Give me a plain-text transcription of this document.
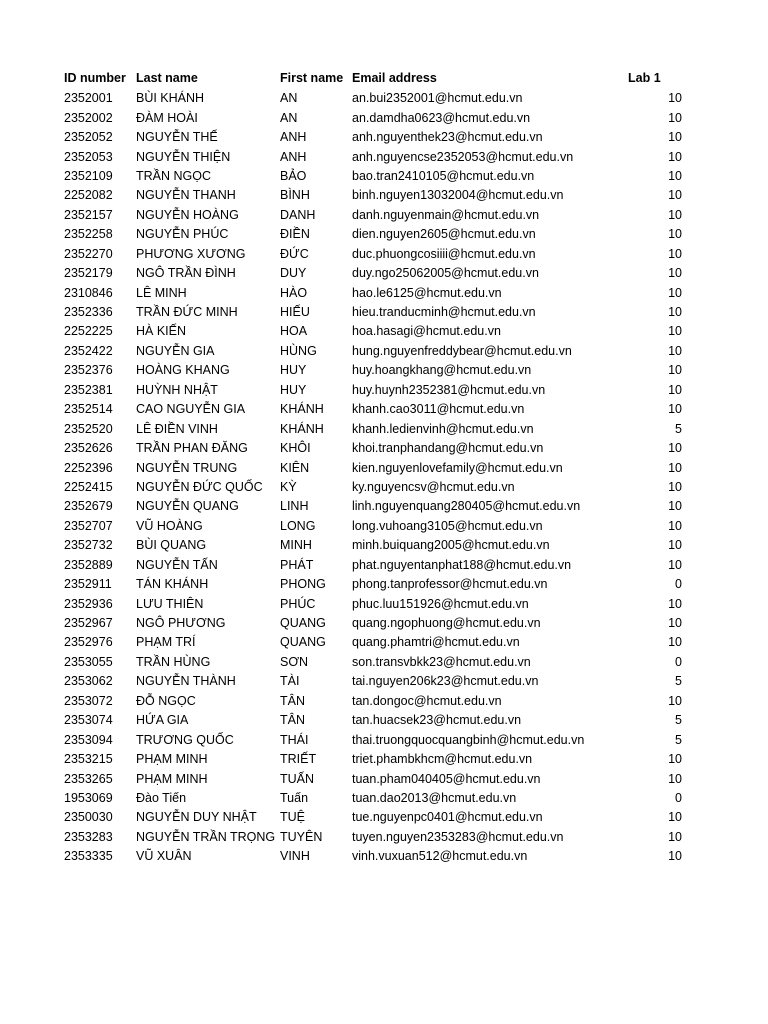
ID number	Last name	First name	Email address	Lab 1
2352001	BÙI KHÁNH	AN	an.bui2352001@hcmut.edu.vn	10
2352002	ĐÀM HOÀI	AN	an.damdha0623@hcmut.edu.vn	10
2352052	NGUYỄN THẾ	ANH	anh.nguyenthek23@hcmut.edu.vn	10
2352053	NGUYỄN THIỆN	ANH	anh.nguyencse2352053@hcmut.edu.vn	10
2352109	TRẦN NGỌC	BẢO	bao.tran2410105@hcmut.edu.vn	10
2252082	NGUYỄN THANH	BÌNH	binh.nguyen13032004@hcmut.edu.vn	10
2352157	NGUYỄN HOÀNG	DANH	danh.nguyenmain@hcmut.edu.vn	10
2352258	NGUYỄN PHÚC	ĐIỀN	dien.nguyen2605@hcmut.edu.vn	10
2352270	PHƯƠNG XƯƠNG	ĐỨC	duc.phuongcosiiii@hcmut.edu.vn	10
2352179	NGÔ TRẦN ĐÌNH	DUY	duy.ngo25062005@hcmut.edu.vn	10
2310846	LÊ MINH	HÀO	hao.le6125@hcmut.edu.vn	10
2352336	TRẦN ĐỨC MINH	HIẾU	hieu.tranducminh@hcmut.edu.vn	10
2252225	HÀ KIẾN	HOA	hoa.hasagi@hcmut.edu.vn	10
2352422	NGUYỄN GIA	HÙNG	hung.nguyenfreddybear@hcmut.edu.vn	10
2352376	HOÀNG KHANG	HUY	huy.hoangkhang@hcmut.edu.vn	10
2352381	HUỲNH NHẬT	HUY	huy.huynh2352381@hcmut.edu.vn	10
2352514	CAO NGUYỄN GIA	KHÁNH	khanh.cao3011@hcmut.edu.vn	10
2352520	LÊ ĐIỀN VINH	KHÁNH	khanh.ledienvinh@hcmut.edu.vn	5
2352626	TRẦN PHAN ĐĂNG	KHÔI	khoi.tranphandang@hcmut.edu.vn	10
2252396	NGUYỄN TRUNG	KIÊN	kien.nguyenlovefamily@hcmut.edu.vn	10
2252415	NGUYỄN ĐỨC QUỐC	KỲ	ky.nguyencsv@hcmut.edu.vn	10
2352679	NGUYỄN QUANG	LINH	linh.nguyenquang280405@hcmut.edu.vn	10
2352707	VŨ HOÀNG	LONG	long.vuhoang3105@hcmut.edu.vn	10
2352732	BÙI QUANG	MINH	minh.buiquang2005@hcmut.edu.vn	10
2352889	NGUYỄN TẤN	PHÁT	phat.nguyentanphat188@hcmut.edu.vn	10
2352911	TÁN KHÁNH	PHONG	phong.tanprofessor@hcmut.edu.vn	0
2352936	LƯU THIÊN	PHÚC	phuc.luu151926@hcmut.edu.vn	10
2352967	NGÔ PHƯƠNG	QUANG	quang.ngophuong@hcmut.edu.vn	10
2352976	PHẠM TRÍ	QUANG	quang.phamtri@hcmut.edu.vn	10
2353055	TRẦN HÙNG	SƠN	son.transvbkk23@hcmut.edu.vn	0
2353062	NGUYỄN THÀNH	TÀI	tai.nguyen206k23@hcmut.edu.vn	5
2353072	ĐỖ NGỌC	TÂN	tan.dongoc@hcmut.edu.vn	10
2353074	HỨA GIA	TÂN	tan.huacsek23@hcmut.edu.vn	5
2353094	TRƯƠNG QUỐC	THÁI	thai.truongquocquangbinh@hcmut.edu.vn	5
2353215	PHẠM MINH	TRIẾT	triet.phambkhcm@hcmut.edu.vn	10
2353265	PHẠM MINH	TUẤN	tuan.pham040405@hcmut.edu.vn	10
1953069	Đào Tiến	Tuấn	tuan.dao2013@hcmut.edu.vn	0
2350030	NGUYỄN DUY NHẬT	TUỆ	tue.nguyenpc0401@hcmut.edu.vn	10
2353283	NGUYỄN TRẦN TRỌNG	TUYÊN	tuyen.nguyen2353283@hcmut.edu.vn	10
2353335	VŨ XUÂN	VINH	vinh.vuxuan512@hcmut.edu.vn	10
